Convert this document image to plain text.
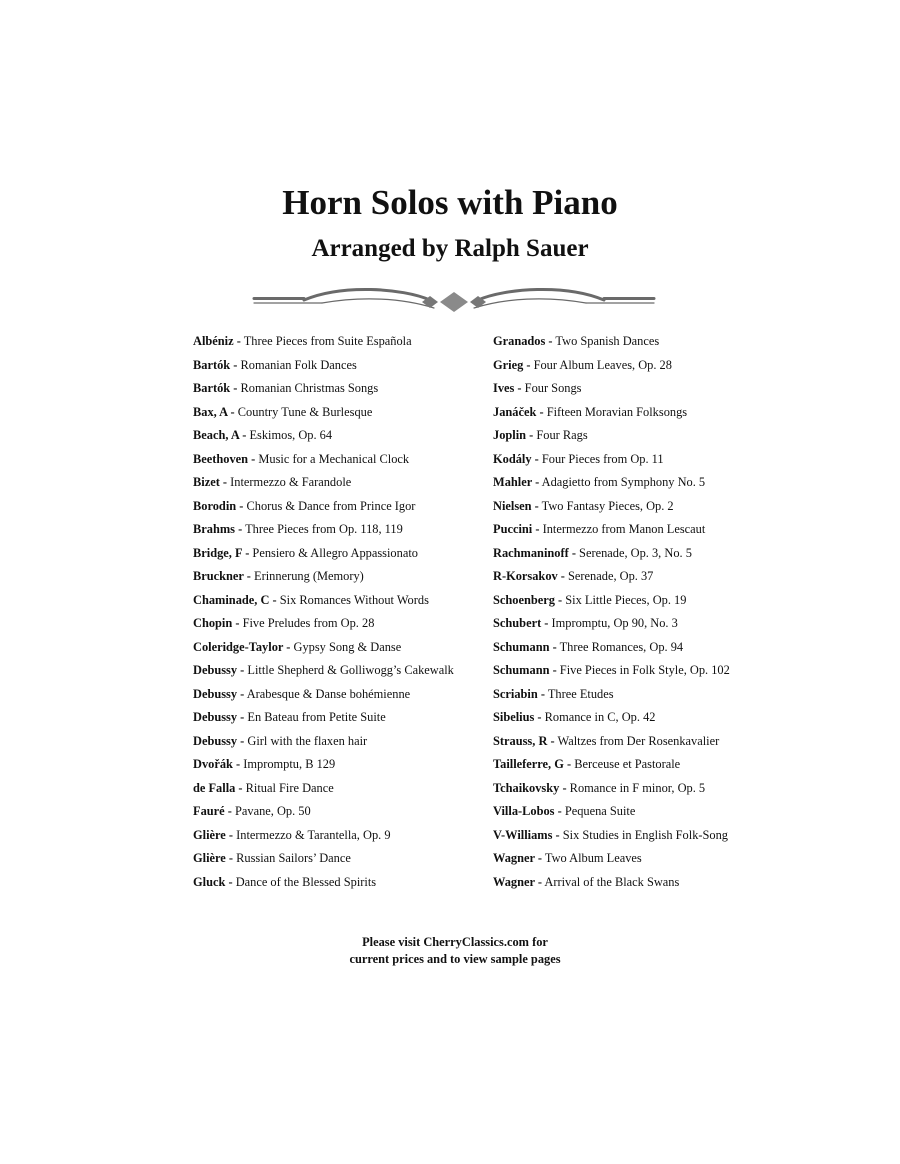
Horn Solos with Piano
Arranged by Ralph Sauer
Albéniz - Three Pieces from Suite Española
Bartók - Romanian Folk Dances
Bartók - Romanian Christmas Songs
Bax, A - Country Tune & Burlesque
Beach, A - Eskimos, Op. 64
Beethoven - Music for a Mechanical Clock
Bizet - Intermezzo & Farandole
Borodin - Chorus & Dance from Prince Igor
Brahms - Three Pieces from Op. 118, 119
Bridge, F - Pensiero & Allegro Appassionato
Bruckner - Erinnerung (Memory)
Chaminade, C - Six Romances Without Words
Chopin - Five Preludes from Op. 28
Coleridge-Taylor - Gypsy Song & Danse
Debussy - Little Shepherd & Golliwogg’s Cakewalk
Debussy - Arabesque & Danse bohémienne
Debussy - En Bateau from Petite Suite
Debussy - Girl with the flaxen hair
Dvořák - Impromptu, B 129
de Falla - Ritual Fire Dance
Fauré - Pavane, Op. 50
Glière - Intermezzo & Tarantella, Op. 9
Glière - Russian Sailors’ Dance
Gluck - Dance of the Blessed Spirits
Granados - Two Spanish Dances
Grieg - Four Album Leaves, Op. 28
Ives - Four Songs
Janáček - Fifteen Moravian Folksongs
Joplin - Four Rags
Kodály - Four Pieces from Op. 11
Mahler - Adagietto from Symphony No. 5
Nielsen - Two Fantasy Pieces, Op. 2
Puccini - Intermezzo from Manon Lescaut
Rachmaninoff - Serenade, Op. 3, No. 5
R-Korsakov - Serenade, Op. 37
Schoenberg - Six Little Pieces, Op. 19
Schubert - Impromptu, Op 90, No. 3
Schumann - Three Romances, Op. 94
Schumann - Five Pieces in Folk Style, Op. 102
Scriabin - Three Etudes
Sibelius - Romance in C, Op. 42
Strauss, R - Waltzes from Der Rosenkavalier
Tailleferre, G - Berceuse et Pastorale
Tchaikovsky - Romance in F minor, Op. 5
Villa-Lobos - Pequena Suite
V-Williams - Six Studies in English Folk-Song
Wagner - Two Album Leaves
Wagner - Arrival of the Black Swans
Please visit CherryClassics.com for
current prices and to view sample pages
